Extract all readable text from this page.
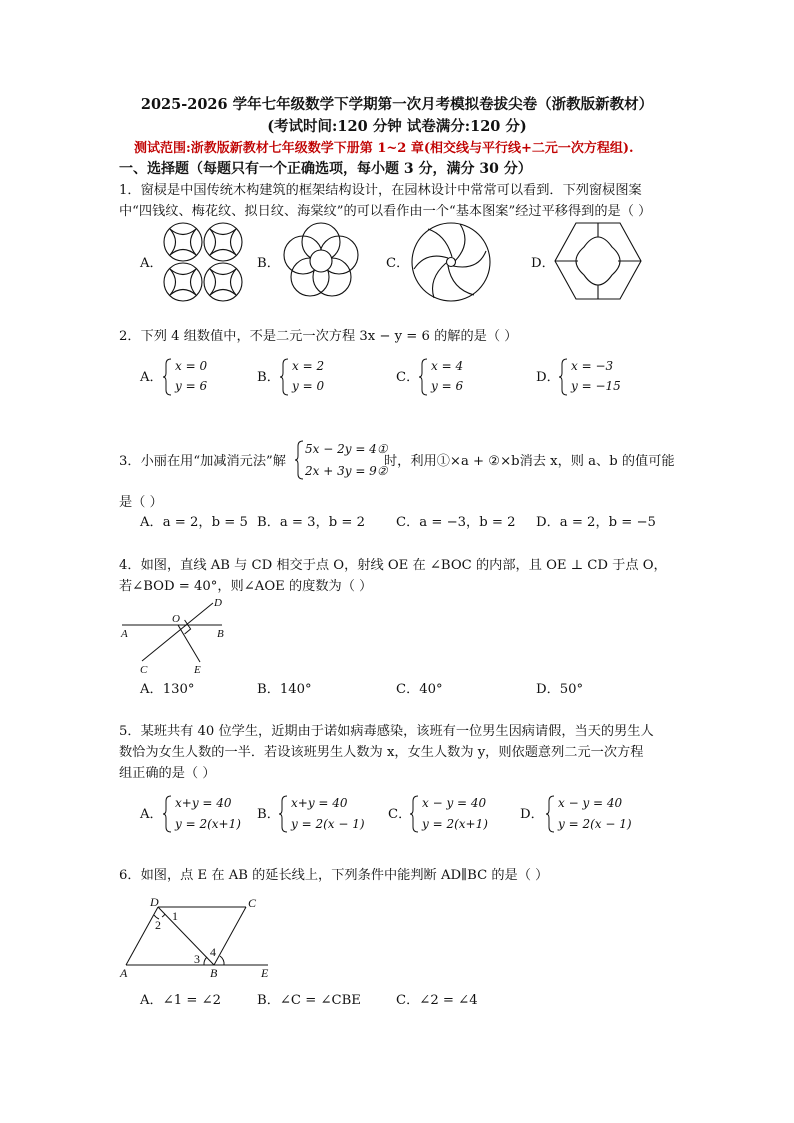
2025-2026 学年七年级数学下学期第一次月考模拟卷拔尖卷（浙教版新教材）
(考试时间:120 分钟 试卷满分:120 分)
测试范围:浙教版新教材七年级数学下册第 1~2 章(相交线与平行线+二元一次方程组).
一、选择题（每题只有一个正确选项，每小题 3 分，满分 30 分）
1．窗棂是中国传统木构建筑的框架结构设计，在园林设计中常常可以看到．下列窗棂图案
中“四钱纹、梅花纹、拟日纹、海棠纹”的可以看作由一个“基本图案”经过平移得到的是（ ）
A．	B．	C．	D．
2．下列 4 组数值中，不是二元一次方程 3x − y = 6 的解的是（ ）
A．
x = 0
y = 6
B．
x = 2
y = 0
C．
x = 4
y = 6
D．
x = −3
y = −15
3．小丽在用“加减消元法”解
5x − 2y = 4①
2x + 3y = 9②
时，利用①×a + ②×b消去 x，则 a、b 的值可能
是（ ）
A．a = 2，b = 5 B．a = 3，b = 2 C．a = −3，b = 2 D．a = 2，b = −5
4．如图，直线 AB 与 CD 相交于点 O，射线 OE 在 ∠BOC 的内部，且 OE ⊥ CD 于点 O，
若∠BOD = 40°，则∠AOE 的度数为（ ）
A	B
C
D
E
O
A．130°	B．140°	C．40°	D．50°
5．某班共有 40 位学生，近期由于诺如病毒感染，该班有一位男生因病请假，当天的男生人
数恰为女生人数的一半．若设该班男生人数为 x，女生人数为 y，则依题意列二元一次方程
组正确的是（ ）
A．
x+y = 40
y = 2(x+1)
B．
x+y = 40
y = 2(x − 1)
C．
x − y = 40
y = 2(x+1)
D．
x − y = 40
y = 2(x − 1)
6．如图，点 E 在 AB 的延长线上，下列条件中能判断 AD∥BC 的是（ ）
A	B
C
D
E
1
2
3 4
A．∠1 = ∠2	B．∠C = ∠CBE	C．∠2 = ∠4
